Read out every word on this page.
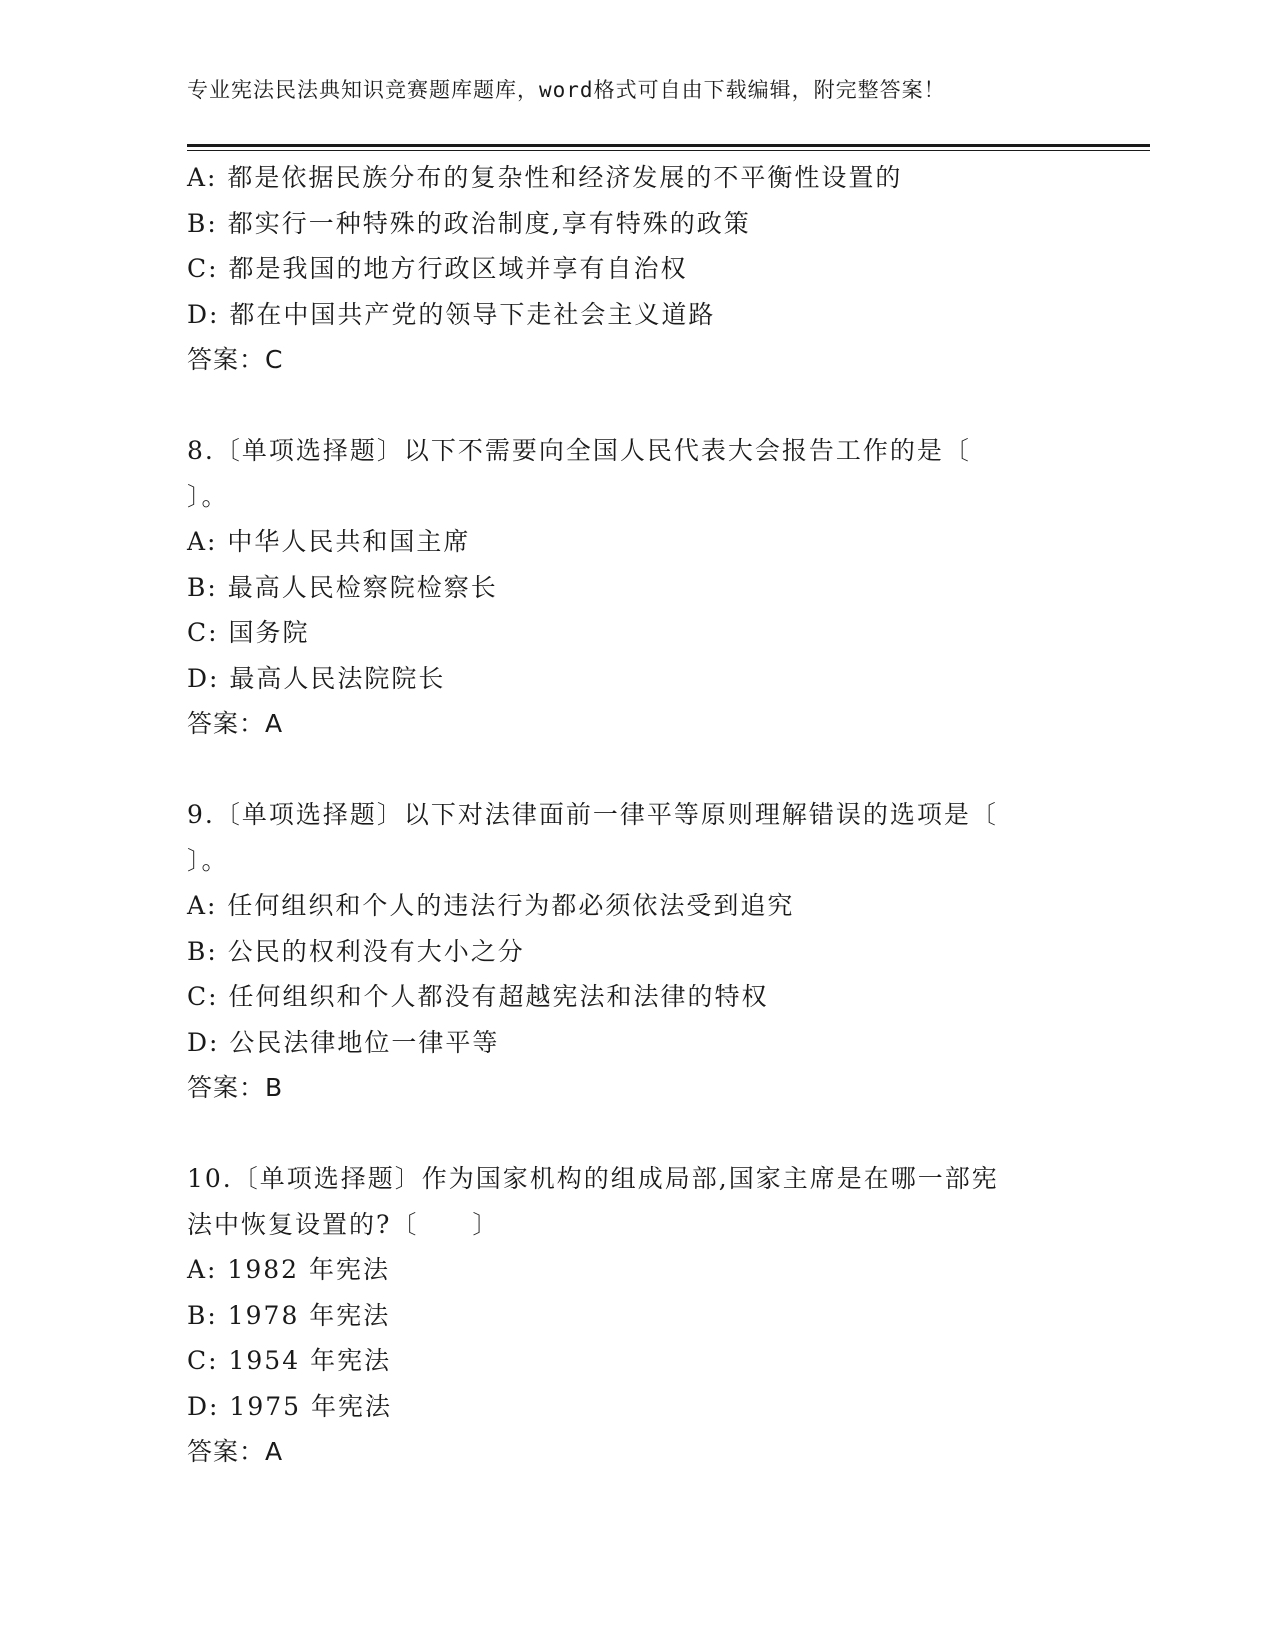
专业宪法民法典知识竞赛题库题库，word格式可自由下载编辑，附完整答案！
A: 都是依据民族分布的复杂性和经济发展的不平衡性设置的
B: 都实行一种特殊的政治制度,享有特殊的政策
C: 都是我国的地方行政区域并享有自治权
D: 都在中国共产党的领导下走社会主义道路
答案：C
8.〔单项选择题〕以下不需要向全国人民代表大会报告工作的是〔
〕。
A: 中华人民共和国主席
B: 最高人民检察院检察长
C: 国务院
D: 最高人民法院院长
答案：A
9.〔单项选择题〕以下对法律面前一律平等原则理解错误的选项是〔
〕。
A: 任何组织和个人的违法行为都必须依法受到追究
B: 公民的权利没有大小之分
C: 任何组织和个人都没有超越宪法和法律的特权
D: 公民法律地位一律平等
答案：B
10.〔单项选择题〕作为国家机构的组成局部,国家主席是在哪一部宪
法中恢复设置的?〔　　〕
A: 1982 年宪法
B: 1978 年宪法
C: 1954 年宪法
D: 1975 年宪法
答案：A
